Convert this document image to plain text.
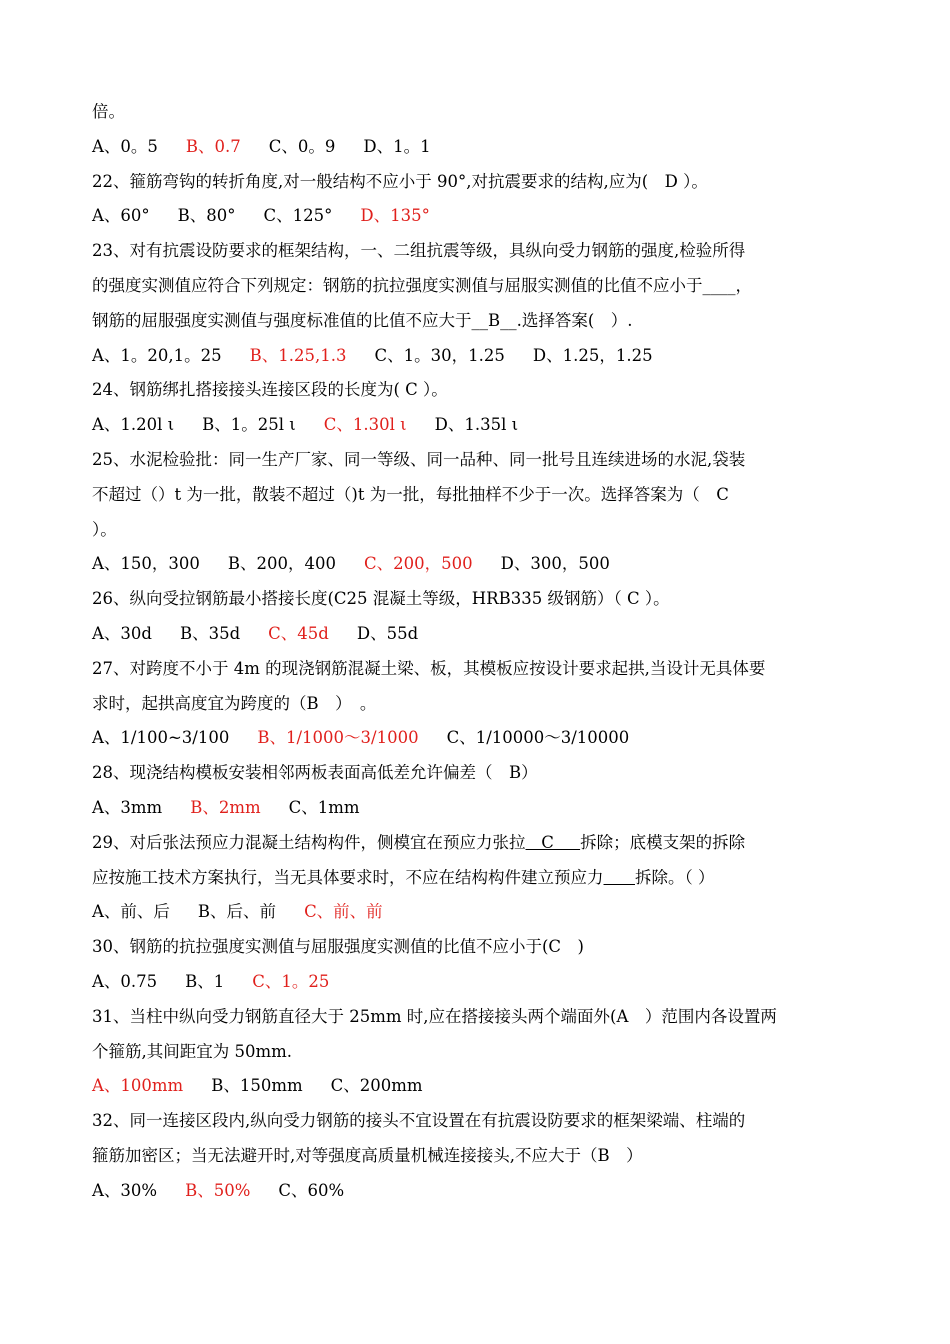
倍。
A、0。5 B、0.7 C、0。9 D、1。1
22、箍筋弯钩的转折角度,对一般结构不应小于 90°,对抗震要求的结构,应为(　D ）。
A、60° B、80° C、125° D、135°
23、对有抗震设防要求的框架结构，一、二组抗震等级，具纵向受力钢筋的强度,检验所得
的强度实测值应符合下列规定：钢筋的抗拉强度实测值与屈服实测值的比值不应小于____，
钢筋的屈服强度实测值与强度标准值的比值不应大于__B__.选择答案(　）.
A、1。20,1。25 B、1.25,1.3 C、1。30，1.25 D、1.25，1.25
24、钢筋绑扎搭接接头连接区段的长度为( C ）。
A、1.20l ι B、1。25l ι C、1.30l ι D、1.35l ι
25、水泥检验批：同一生产厂家、同一等级、同一品种、同一批号且连续进场的水泥,袋装
不超过（）t 为一批，散装不超过（)t 为一批，每批抽样不少于一次。选择答案为（　C
）。
A、150，300 B、200，400 C、200，500 D、300，500
26、纵向受拉钢筋最小搭接长度(C25 混凝土等级，HRB335 级钢筋）（ C ）。
A、30d B、35d C、45d D、55d
27、对跨度不小于 4m 的现浇钢筋混凝土梁、板，其模板应按设计要求起拱,当设计无具体要
求时，起拱高度宜为跨度的（B　）　。
A、1/100~3/100 B、1/1000～3/1000 C、1/10000～3/10000
28、现浇结构模板安装相邻两板表面高低差允许偏差（　B）
A、3mm B、2mm C、1mm
29、对后张法预应力混凝土结构构件，侧模宜在预应力张拉   C     拆除；底模支架的拆除
应按施工技术方案执行，当无具体要求时，不应在结构构件建立预应力 拆除。（ ）
A、前、后 B、后、前 C、前、前
30、钢筋的抗拉强度实测值与屈服强度实测值的比值不应小于(C　)
A、0.75 B、1 C、1。25
31、当柱中纵向受力钢筋直径大于 25mm 时,应在搭接接头两个端面外(A　）范围内各设置两
个箍筋,其间距宜为 50mm.
A、100mm B、150mm C、200mm
32、同一连接区段内,纵向受力钢筋的接头不宜设置在有抗震设防要求的框架梁端、柱端的
箍筋加密区；当无法避开时,对等强度高质量机械连接接头,不应大于（B　）
A、30% B、50% C、60%
